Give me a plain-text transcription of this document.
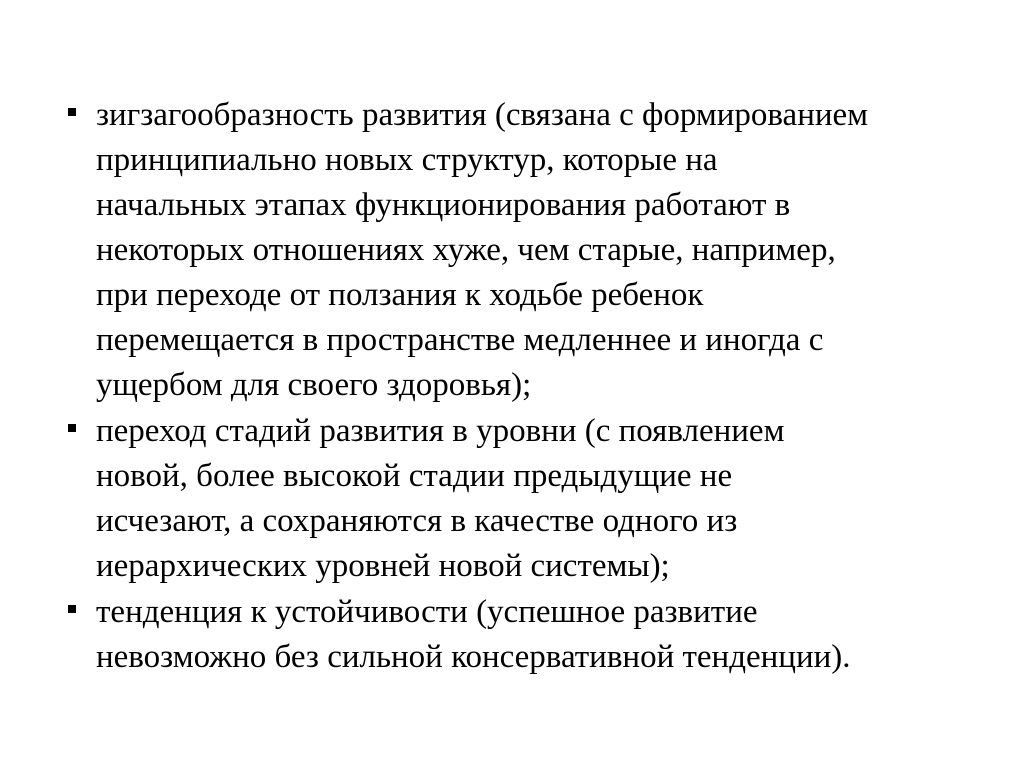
зигзагообразность развития (связана с формированием
принципиально новых структур, которые на
начальных этапах функционирования работают в
некоторых отношениях хуже, чем старые, например,
при переходе от ползания к ходьбе ребенок
перемещается в пространстве медленнее и иногда с
ущербом для своего здоровья);
переход стадий развития в уровни (с появлением
новой, более высокой стадии предыдущие не
исчезают, а сохраняются в качестве одного из
иерархических уровней новой системы);
тенденция к устойчивости (успешное развитие
невозможно без сильной консервативной тенденции).
